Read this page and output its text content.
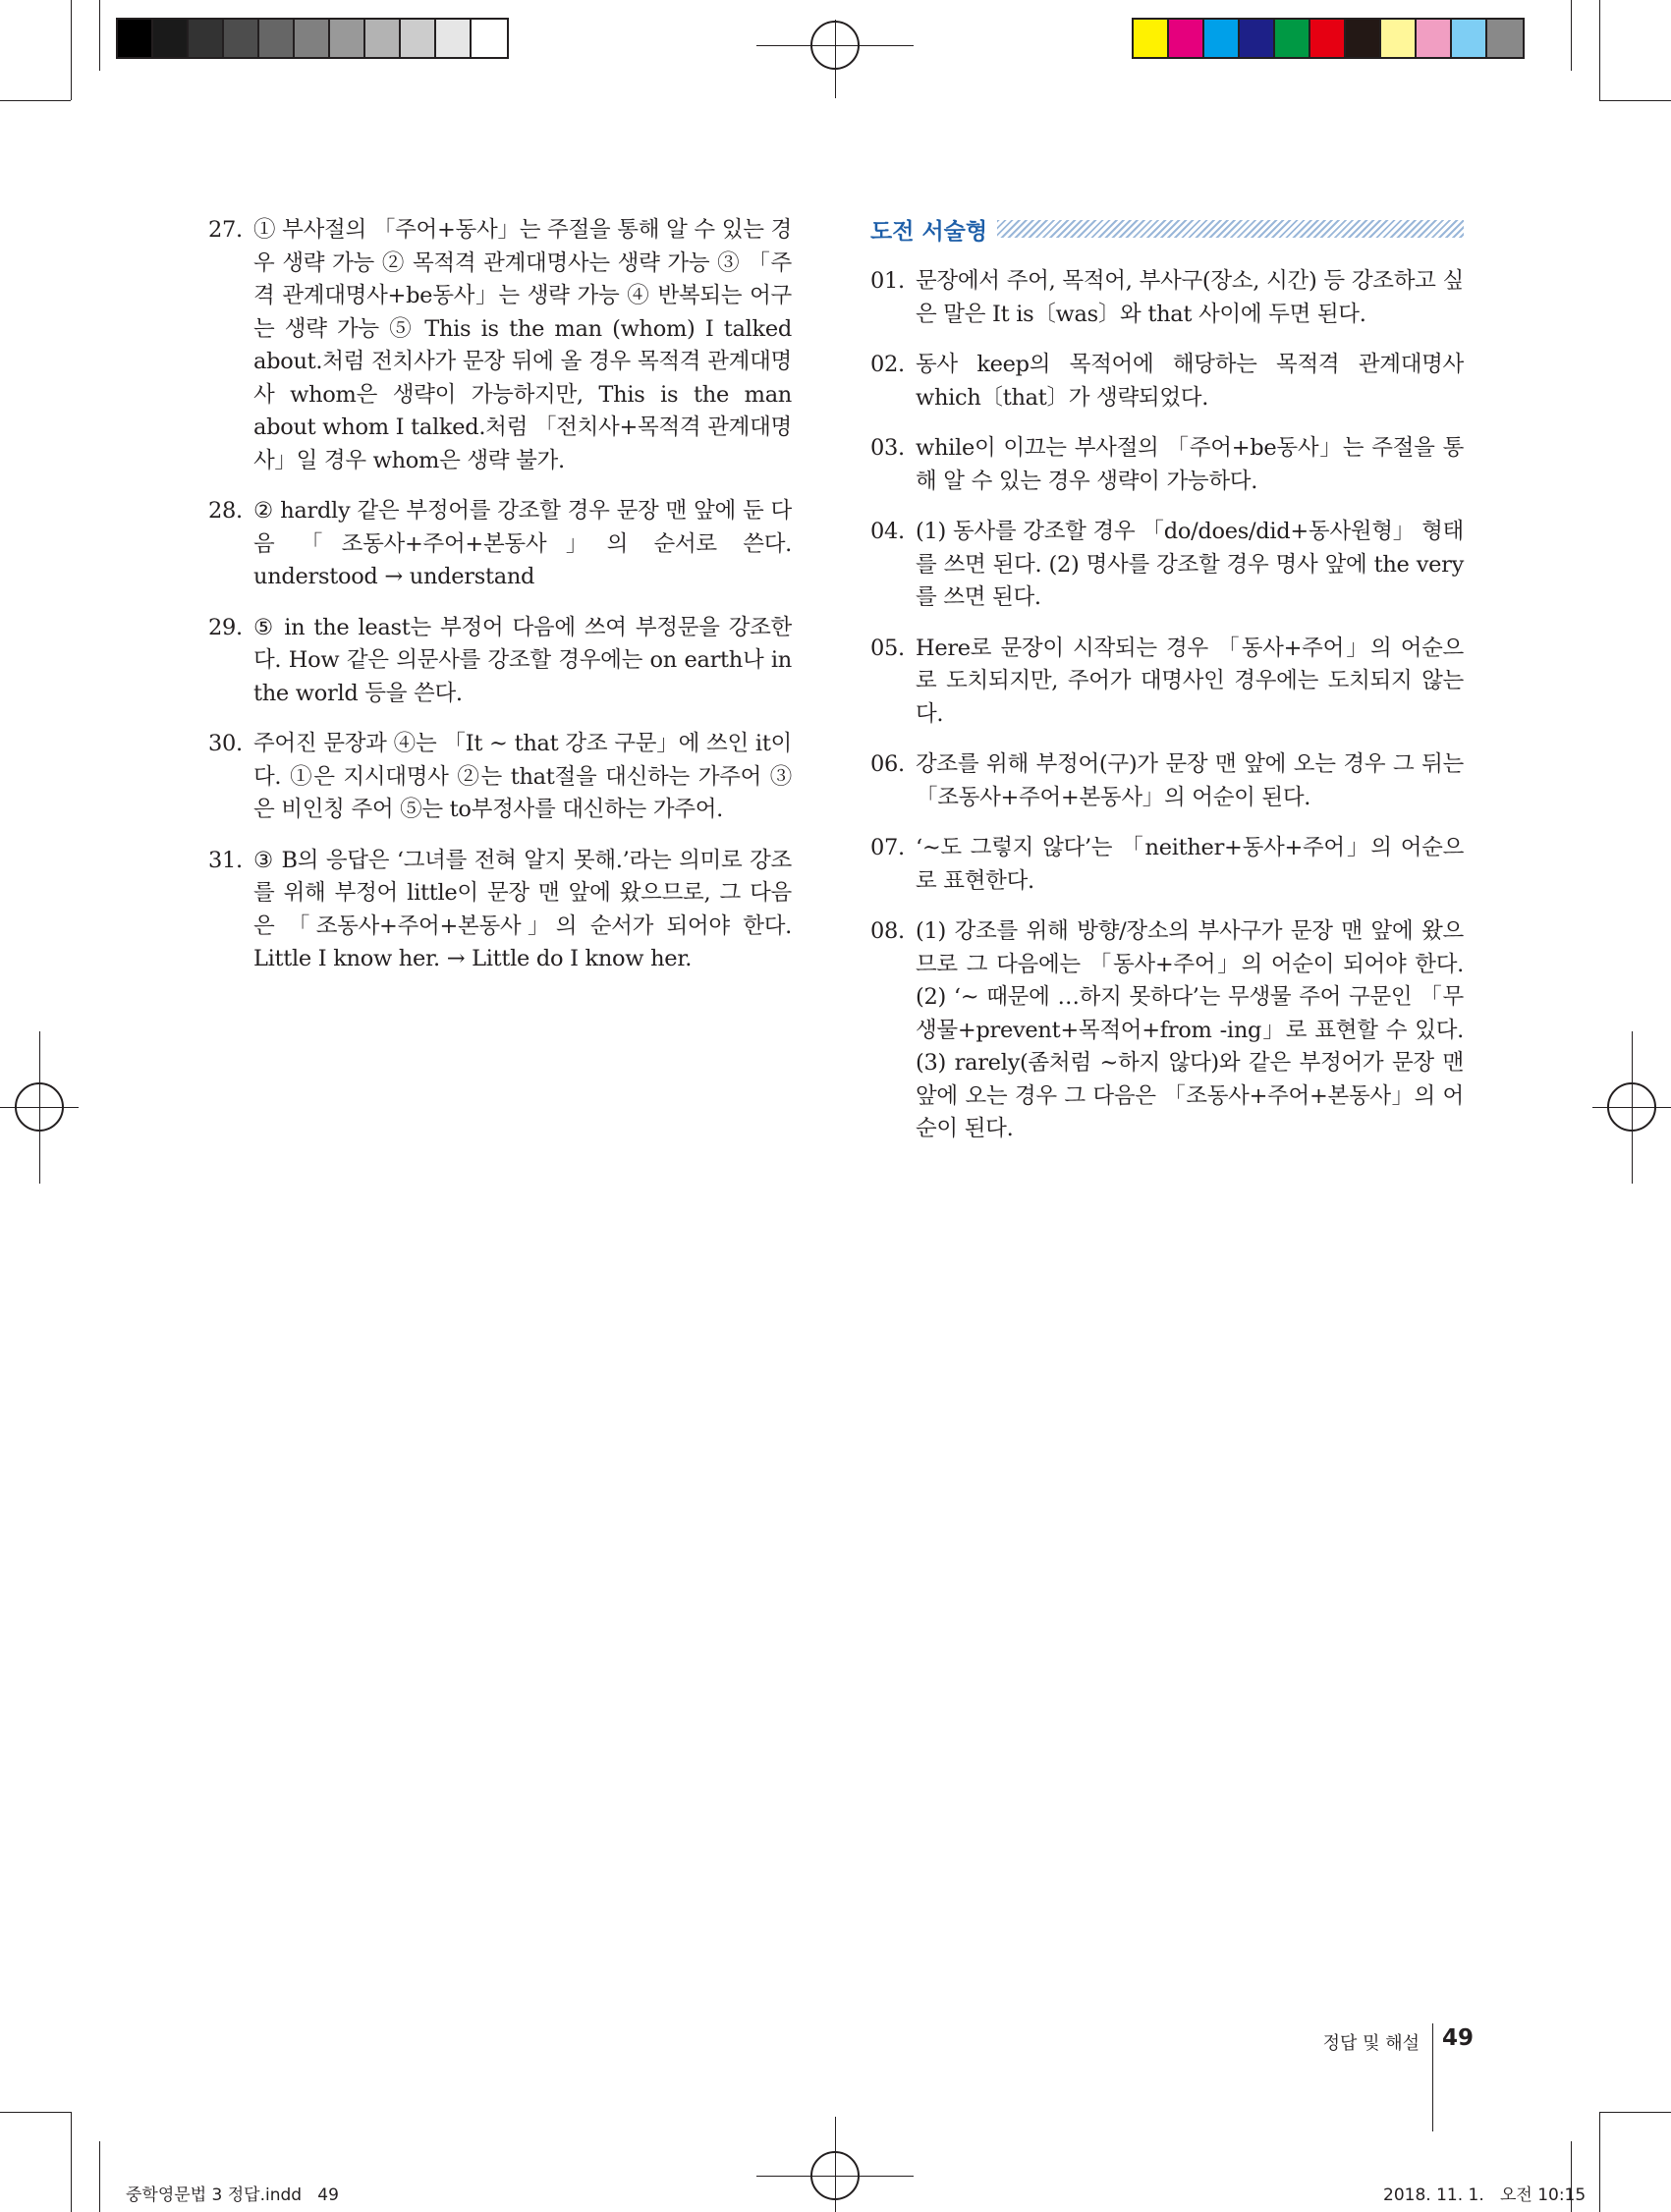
27. ① 부사절의 「주어+동사」는 주절을 통해 알 수 있는 경우 생략 가능 ② 목적격 관계대명사는 생략 가능 ③ 「주격 관계대명사+be동사」는 생략 가능 ④ 반복되는 어구는 생략 가능 ⑤ This is the man (whom) I talked about.처럼 전치사가 문장 뒤에 올 경우 목적격 관계대명사 whom은 생략이 가능하지만, This is the man about whom I talked.처럼 「전치사+목적격 관계대명사」일 경우 whom은 생략 불가.
28. ② hardly 같은 부정어를 강조할 경우 문장 맨 앞에 둔 다음 「조동사+주어+본동사」의 순서로 쓴다. understood → understand
29. ⑤ in the least는 부정어 다음에 쓰여 부정문을 강조한다. How 같은 의문사를 강조할 경우에는 on earth나 in the world 등을 쓴다.
30. 주어진 문장과 ④는 「It ~ that 강조 구문」에 쓰인 it이다. ①은 지시대명사 ②는 that절을 대신하는 가주어 ③은 비인칭 주어 ⑤는 to부정사를 대신하는 가주어.
31. ③ B의 응답은 ‘그녀를 전혀 알지 못해.’라는 의미로 강조를 위해 부정어 little이 문장 맨 앞에 왔으므로, 그 다음은 「조동사+주어+본동사」의 순서가 되어야 한다. Little I know her. → Little do I know her.
도전 서술형
01. 문장에서 주어, 목적어, 부사구(장소, 시간) 등 강조하고 싶은 말은 It is〔was〕와 that 사이에 두면 된다.
02. 동사 keep의 목적어에 해당하는 목적격 관계대명사 which〔that〕가 생략되었다.
03. while이 이끄는 부사절의 「주어+be동사」는 주절을 통해 알 수 있는 경우 생략이 가능하다.
04. (1) 동사를 강조할 경우 「do/does/did+동사원형」 형태를 쓰면 된다. (2) 명사를 강조할 경우 명사 앞에 the very를 쓰면 된다.
05. Here로 문장이 시작되는 경우 「동사+주어」의 어순으로 도치되지만, 주어가 대명사인 경우에는 도치되지 않는다.
06. 강조를 위해 부정어(구)가 문장 맨 앞에 오는 경우 그 뒤는 「조동사+주어+본동사」의 어순이 된다.
07. ‘~도 그렇지 않다’는 「neither+동사+주어」의 어순으로 표현한다.
08. (1) 강조를 위해 방향/장소의 부사구가 문장 맨 앞에 왔으므로 그 다음에는 「동사+주어」의 어순이 되어야 한다. (2) ‘~ 때문에 …하지 못하다’는 무생물 주어 구문인 「무생물+prevent+목적어+from -ing」로 표현할 수 있다. (3) rarely(좀처럼 ~하지 않다)와 같은 부정어가 문장 맨 앞에 오는 경우 그 다음은 「조동사+주어+본동사」의 어순이 된다.
정답 및 해설 49
중학영문법 3 정답.indd   49	2018. 11. 1.   오전 10:15
